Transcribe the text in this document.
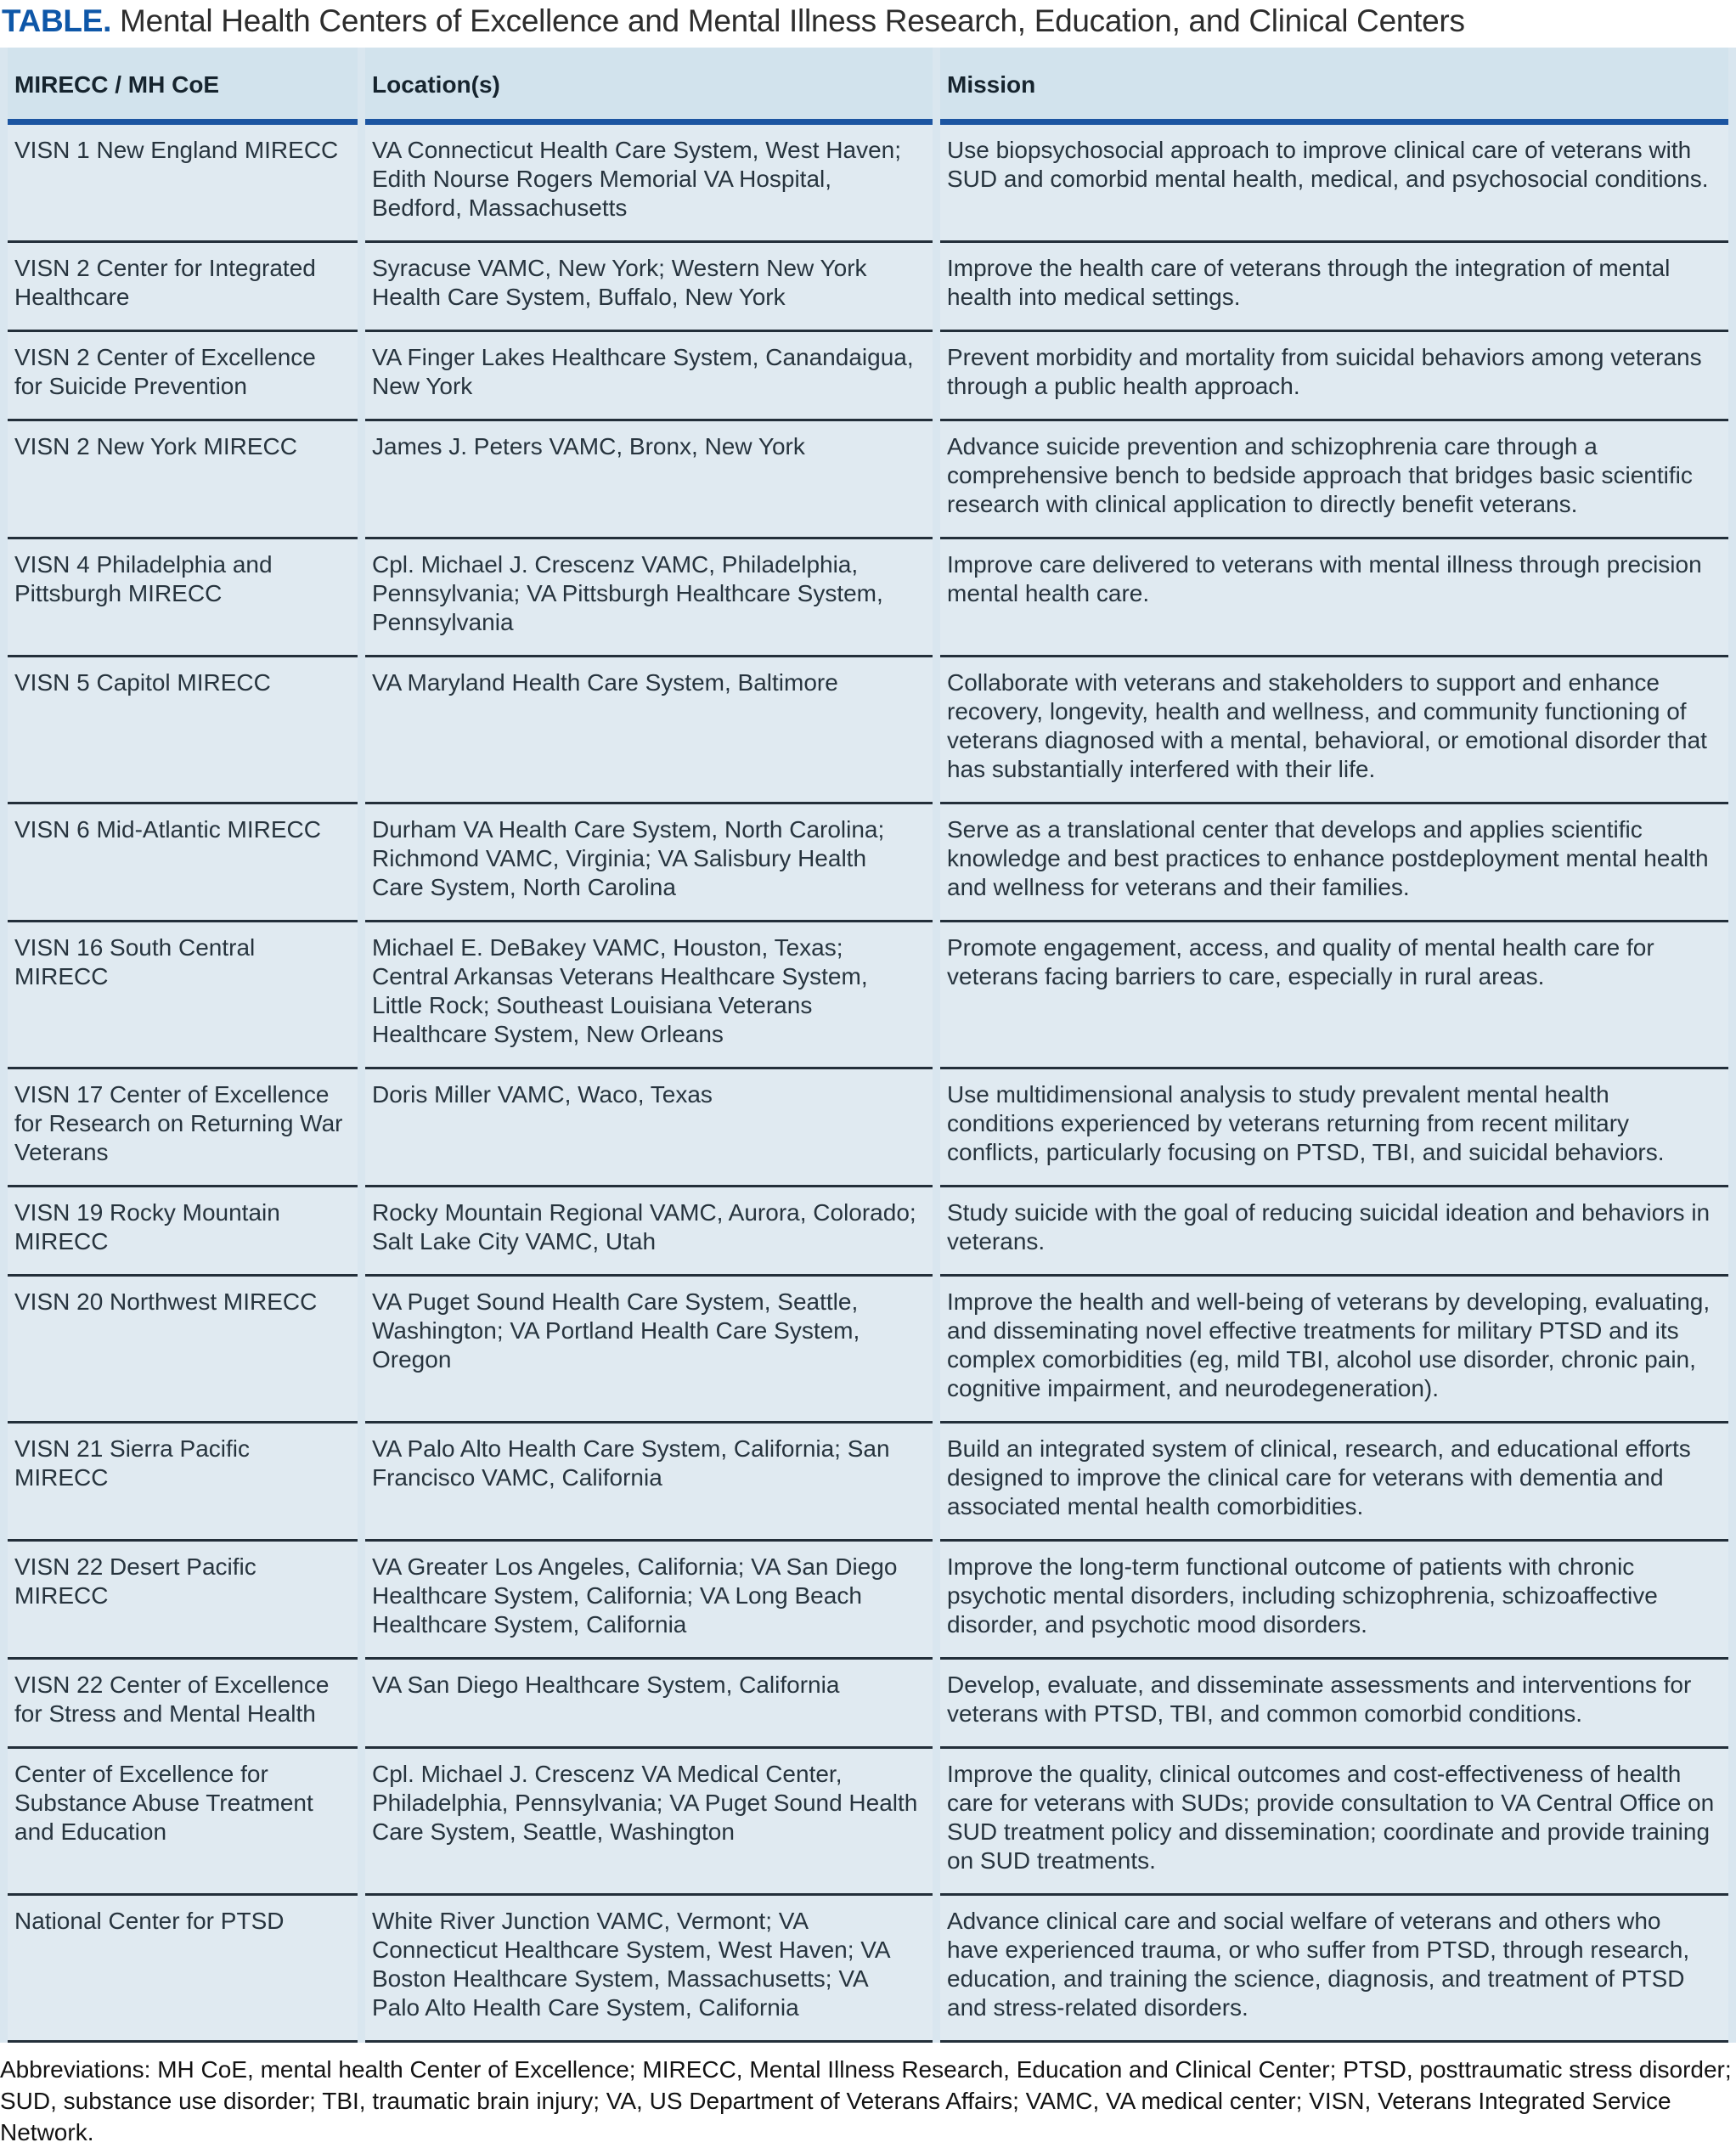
TABLE. Mental Health Centers of Excellence and Mental Illness Research, Education, and Clinical Centers
MIRECC / MH CoE	Location(s)	Mission
VISN 1 New England MIRECC	VA Connecticut Health Care System, West Haven; Edith Nourse Rogers Memorial VA Hospital, Bedford, Massachusetts	Use biopsychosocial approach to improve clinical care of veterans with SUD and comorbid mental health, medical, and psychosocial conditions.
VISN 2 Center for Integrated Healthcare	Syracuse VAMC, New York; Western New York Health Care System, Buffalo, New York	Improve the health care of veterans through the integration of mental health into medical settings.
VISN 2 Center of Excellence for Suicide Prevention	VA Finger Lakes Healthcare System, Canandaigua, New York	Prevent morbidity and mortality from suicidal behaviors among veterans through a public health approach.
VISN 2 New York MIRECC	James J. Peters VAMC, Bronx, New York	Advance suicide prevention and schizophrenia care through a comprehensive bench to bedside approach that bridges basic scientific research with clinical application to directly benefit veterans.
VISN 4 Philadelphia and Pittsburgh MIRECC	Cpl. Michael J. Crescenz VAMC, Philadelphia, Pennsylvania; VA Pittsburgh Healthcare System, Pennsylvania	Improve care delivered to veterans with mental illness through precision mental health care.
VISN 5 Capitol MIRECC	VA Maryland Health Care System, Baltimore	Collaborate with veterans and stakeholders to support and enhance recovery, longevity, health and wellness, and community functioning of veterans diagnosed with a mental, behavioral, or emotional disorder that has substantially interfered with their life.
VISN 6 Mid-Atlantic MIRECC	Durham VA Health Care System, North Carolina; Richmond VAMC, Virginia; VA Salisbury Health Care System, North Carolina	Serve as a translational center that develops and applies scientific knowledge and best practices to enhance postdeployment mental health and wellness for veterans and their families.
VISN 16 South Central MIRECC	Michael E. DeBakey VAMC, Houston, Texas; Central Arkansas Veterans Healthcare System, Little Rock; Southeast Louisiana Veterans Healthcare System, New Orleans	Promote engagement, access, and quality of mental health care for veterans facing barriers to care, especially in rural areas.
VISN 17 Center of Excellence for Research on Returning War Veterans	Doris Miller VAMC, Waco, Texas	Use multidimensional analysis to study prevalent mental health conditions experienced by veterans returning from recent military conflicts, particularly focusing on PTSD, TBI, and suicidal behaviors.
VISN 19 Rocky Mountain MIRECC	Rocky Mountain Regional VAMC, Aurora, Colorado; Salt Lake City VAMC, Utah	Study suicide with the goal of reducing suicidal ideation and behaviors in veterans.
VISN 20 Northwest MIRECC	VA Puget Sound Health Care System, Seattle, Washington; VA Portland Health Care System, Oregon	Improve the health and well-being of veterans by developing, evaluating, and disseminating novel effective treatments for military PTSD and its complex comorbidities (eg, mild TBI, alcohol use disorder, chronic pain, cognitive impairment, and neurodegeneration).
VISN 21 Sierra Pacific MIRECC	VA Palo Alto Health Care System, California; San Francisco VAMC, California	Build an integrated system of clinical, research, and educational efforts designed to improve the clinical care for veterans with dementia and associated mental health comorbidities.
VISN 22 Desert Pacific MIRECC	VA Greater Los Angeles, California; VA San Diego Healthcare System, California; VA Long Beach Healthcare System, California	Improve the long-term functional outcome of patients with chronic psychotic mental disorders, including schizophrenia, schizoaffective disorder, and psychotic mood disorders.
VISN 22 Center of Excellence for Stress and Mental Health	VA San Diego Healthcare System, California	Develop, evaluate, and disseminate assessments and interventions for veterans with PTSD, TBI, and common comorbid conditions.
Center of Excellence for Substance Abuse Treatment and Education	Cpl. Michael J. Crescenz VA Medical Center, Philadelphia, Pennsylvania; VA Puget Sound Health Care System, Seattle, Washington	Improve the quality, clinical outcomes and cost-effectiveness of health care for veterans with SUDs; provide consultation to VA Central Office on SUD treatment policy and dissemination; coordinate and provide training on SUD treatments.
National Center for PTSD	White River Junction VAMC, Vermont; VA Connecticut Healthcare System, West Haven; VA Boston Healthcare System, Massachusetts; VA Palo Alto Health Care System, California	Advance clinical care and social welfare of veterans and others who have experienced trauma, or who suffer from PTSD, through research, education, and training the science, diagnosis, and treatment of PTSD and stress-related disorders.

Abbreviations: MH CoE, mental health Center of Excellence; MIRECC, Mental Illness Research, Education and Clinical Center; PTSD, posttraumatic stress disorder; SUD, substance use disorder; TBI, traumatic brain injury; VA, US Department of Veterans Affairs; VAMC, VA medical center; VISN, Veterans Integrated Service Network.
